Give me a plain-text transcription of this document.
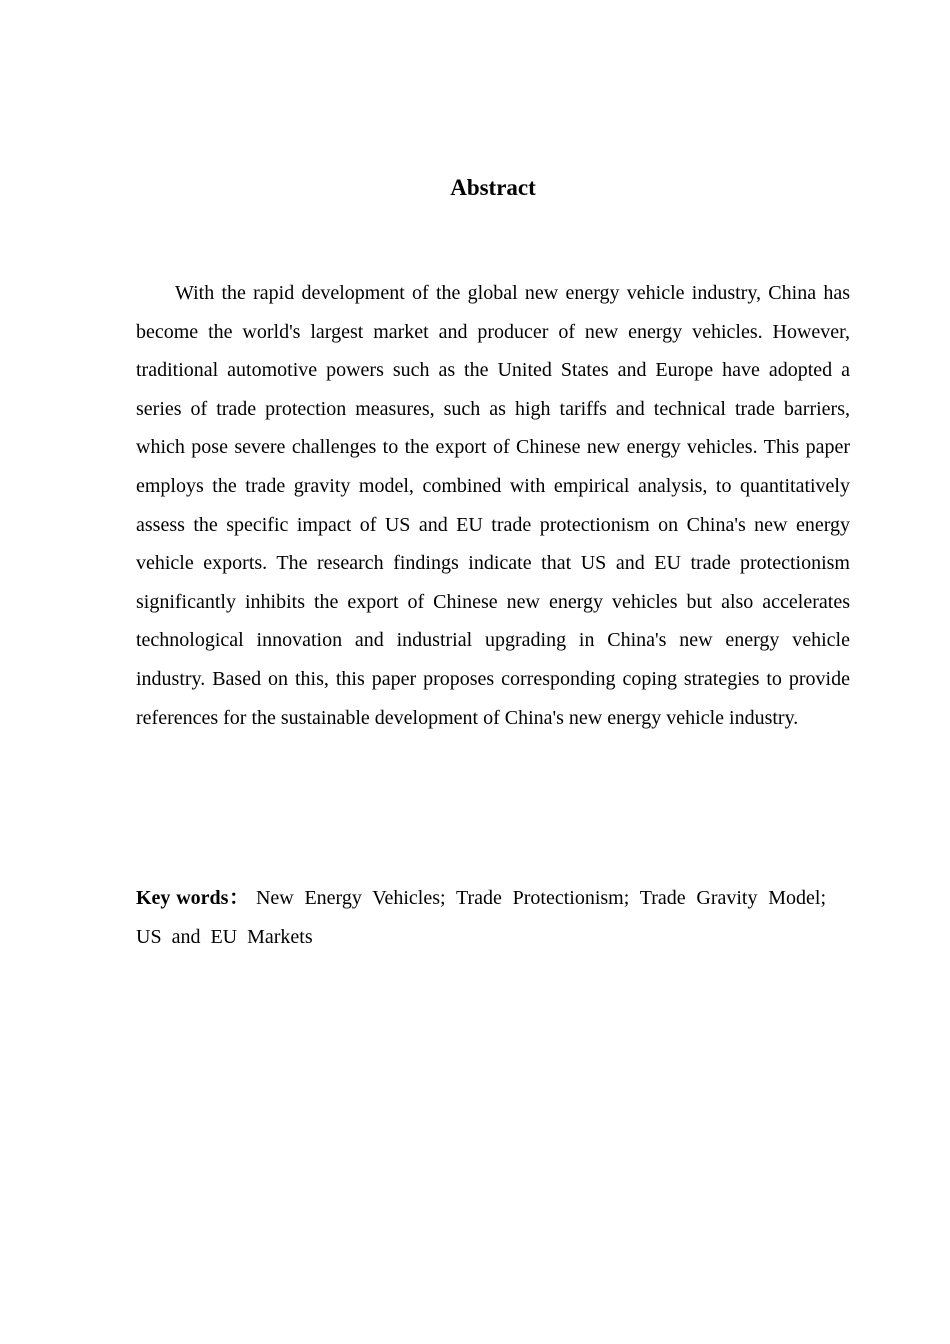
Abstract

With the rapid development of the global new energy vehicle industry, China has become the world's largest market and producer of new energy vehicles. However, traditional automotive powers such as the United States and Europe have adopted a series of trade protection measures, such as high tariffs and technical trade barriers, which pose severe challenges to the export of Chinese new energy vehicles. This paper employs the trade gravity model, combined with empirical analysis, to quantitatively assess the specific impact of US and EU trade protectionism on China's new energy vehicle exports. The research findings indicate that US and EU trade protectionism significantly inhibits the export of Chinese new energy vehicles but also accelerates technological innovation and industrial upgrading in China's new energy vehicle industry. Based on this, this paper proposes corresponding coping strategies to provide references for the sustainable development of China's new energy vehicle industry.

Key words： New Energy Vehicles; Trade Protectionism; Trade Gravity Model; US and EU Markets
